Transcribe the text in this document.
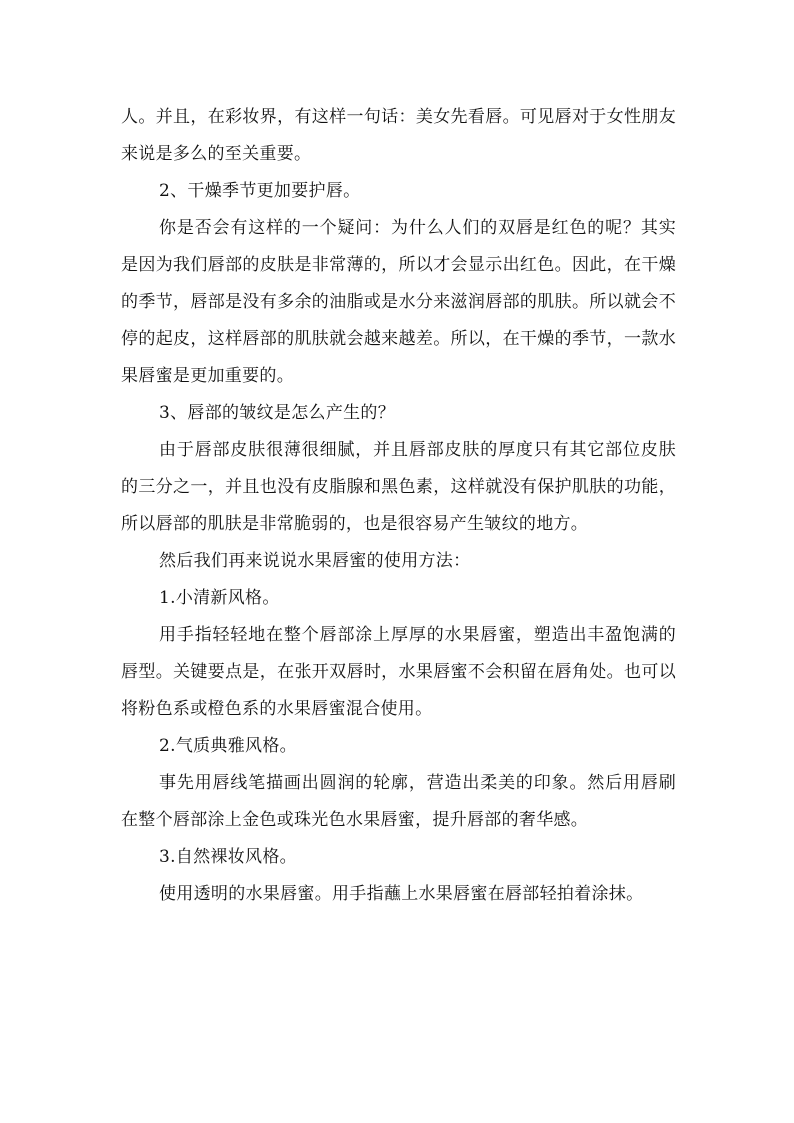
人。并且，在彩妆界，有这样一句话：美女先看唇。可见唇对于女性朋友来说是多么的至关重要。

2、干燥季节更加要护唇。

你是否会有这样的一个疑问：为什么人们的双唇是红色的呢？其实是因为我们唇部的皮肤是非常薄的，所以才会显示出红色。因此，在干燥的季节，唇部是没有多余的油脂或是水分来滋润唇部的肌肤。所以就会不停的起皮，这样唇部的肌肤就会越来越差。所以，在干燥的季节，一款水果唇蜜是更加重要的。

3、唇部的皱纹是怎么产生的？

由于唇部皮肤很薄很细腻，并且唇部皮肤的厚度只有其它部位皮肤的三分之一，并且也没有皮脂腺和黑色素，这样就没有保护肌肤的功能，所以唇部的肌肤是非常脆弱的，也是很容易产生皱纹的地方。

然后我们再来说说水果唇蜜的使用方法：

1.小清新风格。

用手指轻轻地在整个唇部涂上厚厚的水果唇蜜，塑造出丰盈饱满的唇型。关键要点是，在张开双唇时，水果唇蜜不会积留在唇角处。也可以将粉色系或橙色系的水果唇蜜混合使用。

2.气质典雅风格。

事先用唇线笔描画出圆润的轮廓，营造出柔美的印象。然后用唇刷在整个唇部涂上金色或珠光色水果唇蜜，提升唇部的奢华感。

3.自然裸妆风格。

使用透明的水果唇蜜。用手指蘸上水果唇蜜在唇部轻拍着涂抹。
